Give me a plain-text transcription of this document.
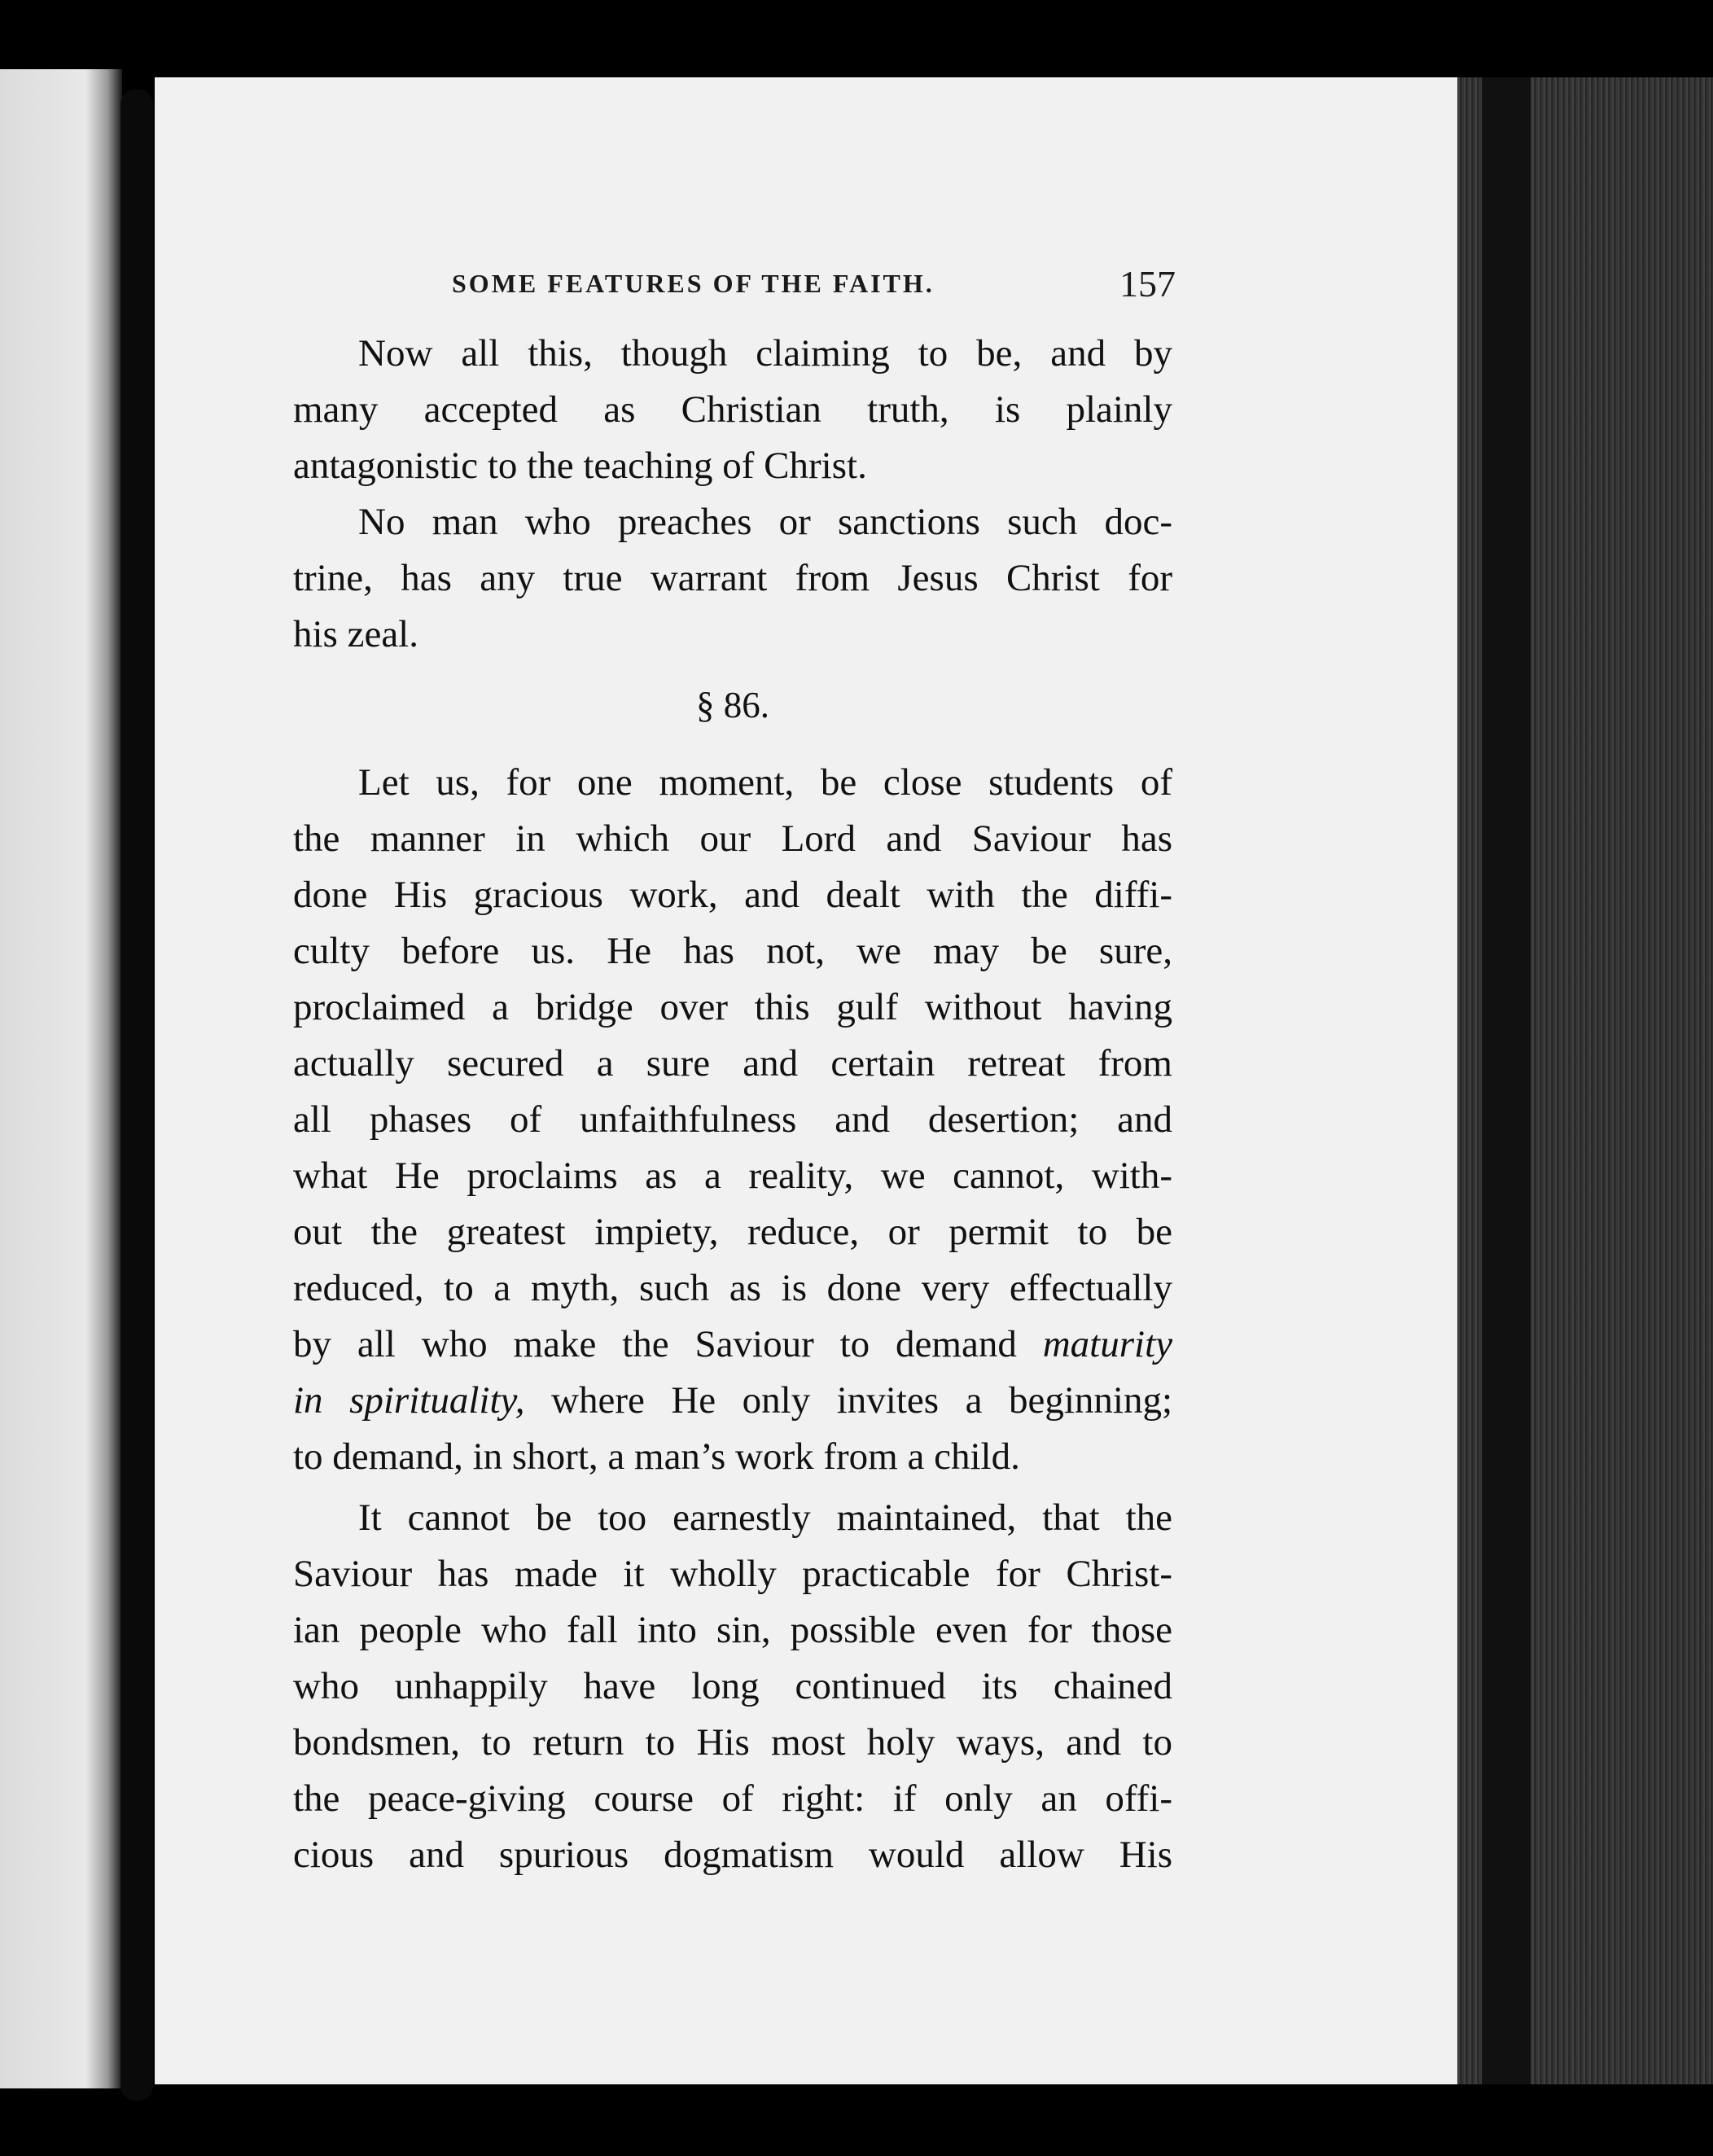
SOME FEATURES OF THE FAITH.	157
Now all this, though claiming to be, and by
many accepted as Christian truth, is plainly
antagonistic to the teaching of Christ.
No man who preaches or sanctions such doc-
trine, has any true warrant from Jesus Christ for
his zeal.
§ 86.
Let us, for one moment, be close students of
the manner in which our Lord and Saviour has
done His gracious work, and dealt with the diffi-
culty before us. He has not, we may be sure,
proclaimed a bridge over this gulf without having
actually secured a sure and certain retreat from
all phases of unfaithfulness and desertion; and
what He proclaims as a reality, we cannot, with-
out the greatest impiety, reduce, or permit to be
reduced, to a myth, such as is done very effectually
by all who make the Saviour to demand maturity
in spirituality, where He only invites a beginning;
to demand, in short, a man’s work from a child.
It cannot be too earnestly maintained, that the
Saviour has made it wholly practicable for Christ-
ian people who fall into sin, possible even for those
who unhappily have long continued its chained
bondsmen, to return to His most holy ways, and to
the peace-giving course of right: if only an offi-
cious and spurious dogmatism would allow His
